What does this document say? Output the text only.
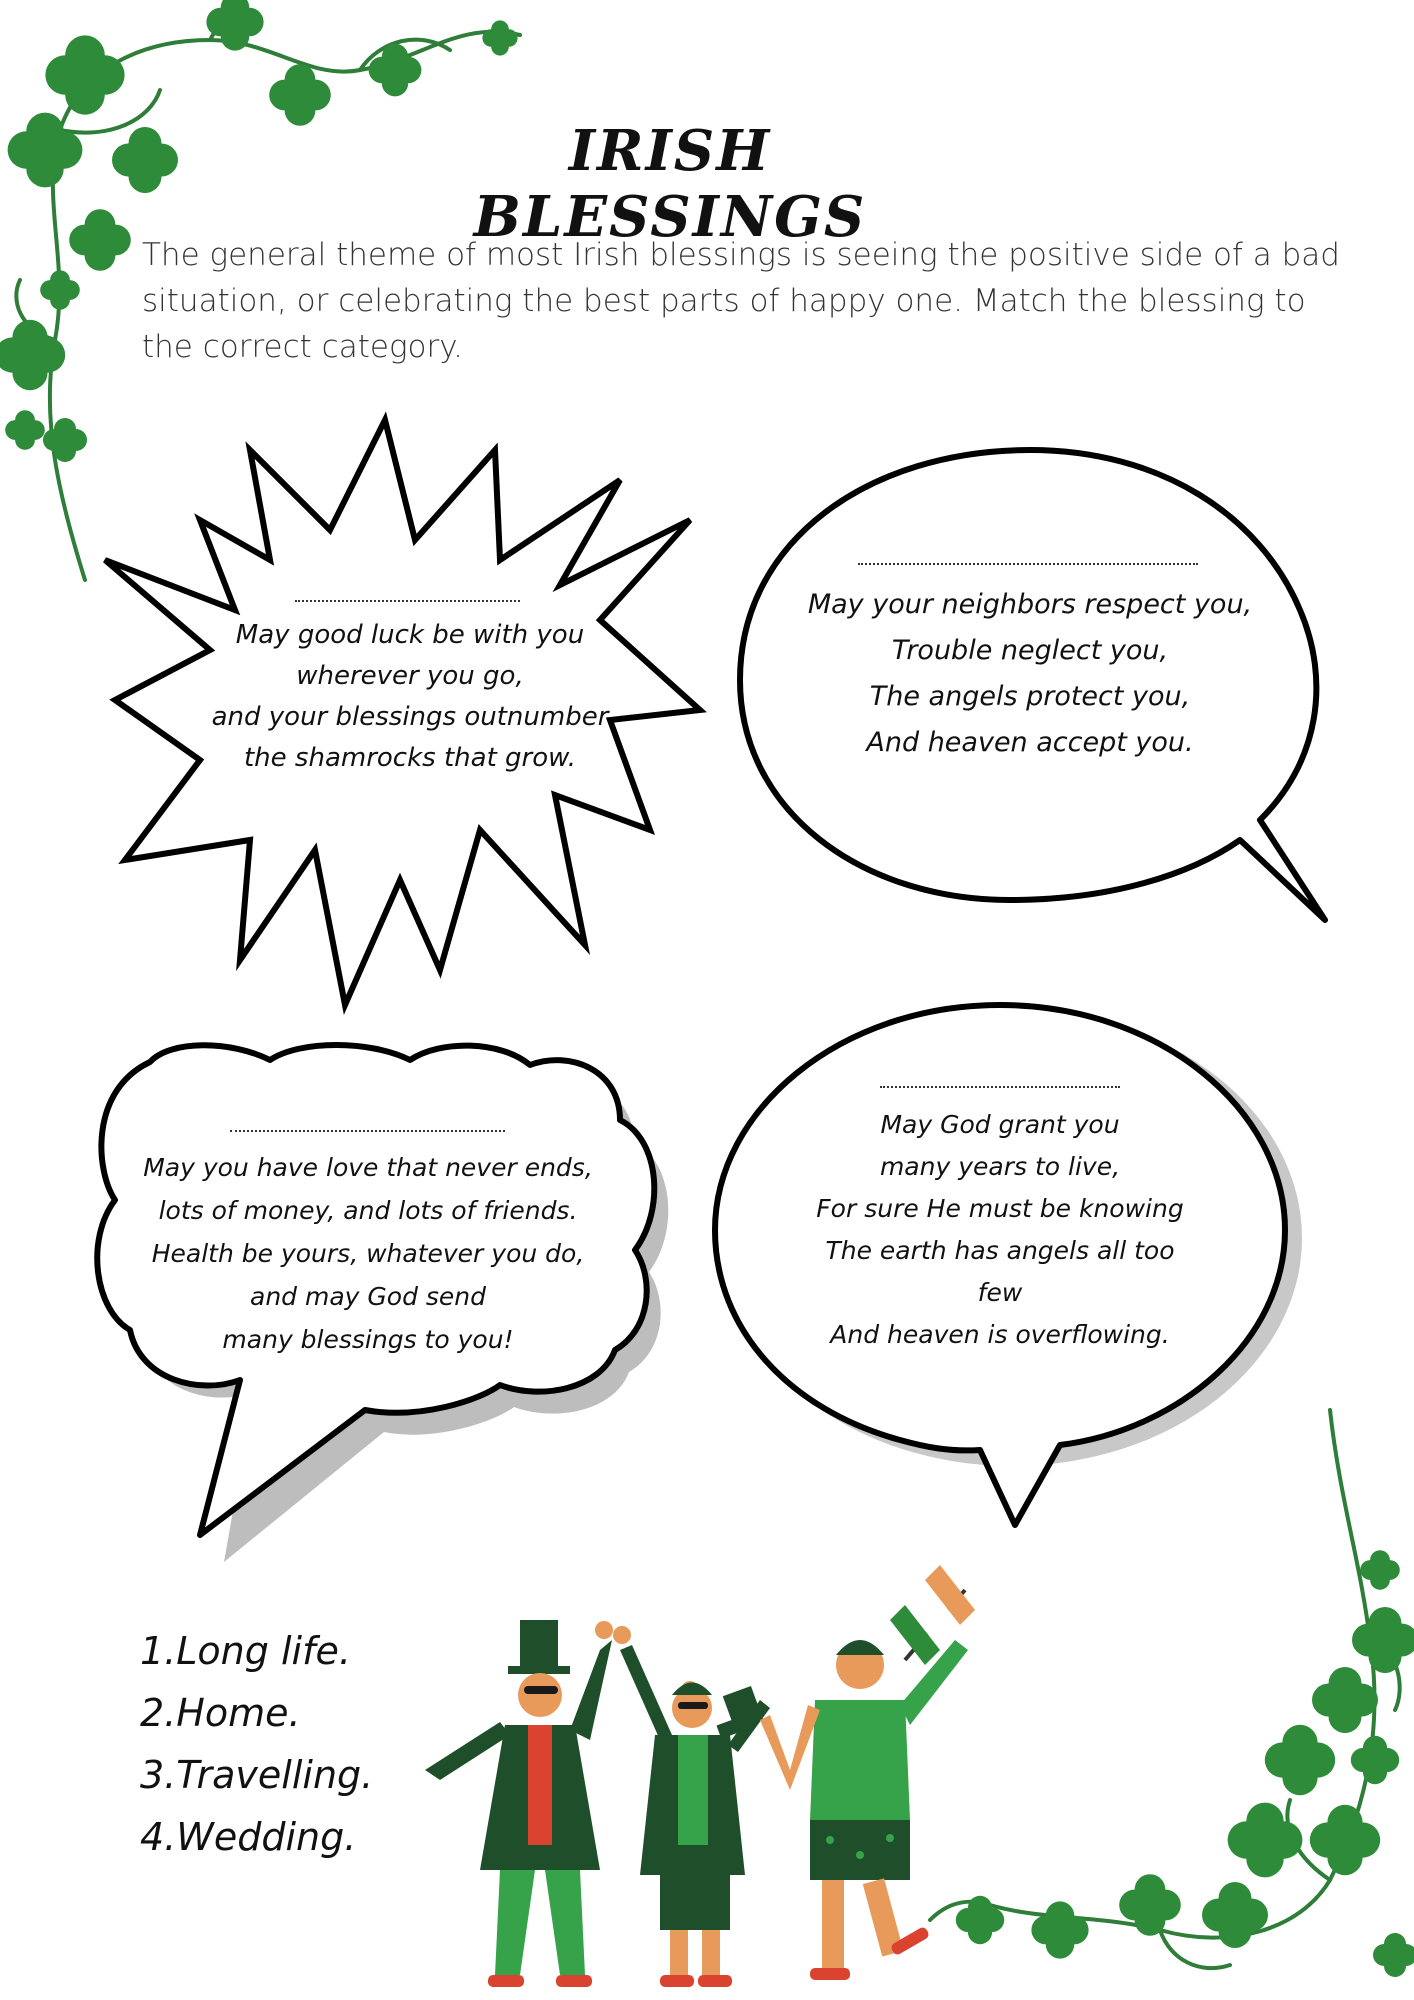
IRISH BLESSINGS
The general theme of most Irish blessings is seeing the positive side of a bad situation, or celebrating the best parts of happy one. Match the blessing to the correct category.
May good luck be with you
wherever you go,
and your blessings outnumber
the shamrocks that grow.
May your neighbors respect you,
Trouble neglect you,
The angels protect you,
And heaven accept you.
May you have love that never ends,
lots of money, and lots of friends.
Health be yours, whatever you do,
and may God send
many blessings to you!
May God grant you
many years to live,
For sure He must be knowing
The earth has angels all too
few
And heaven is overflowing.
1.Long life.
2.Home.
3.Travelling.
4.Wedding.
